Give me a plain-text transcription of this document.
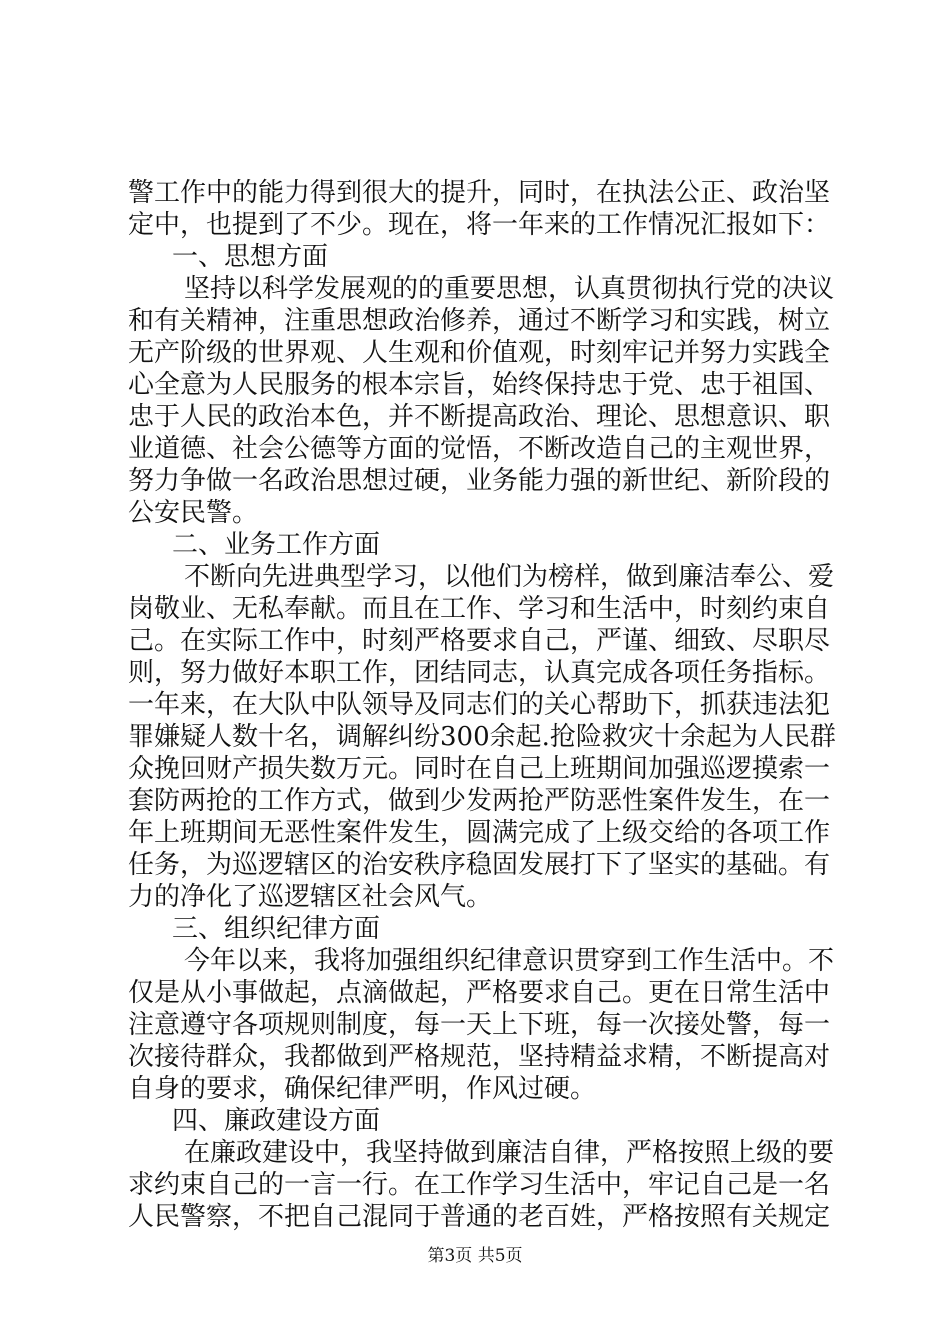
警工作中的能力得到很大的提升，同时，在执法公正、政治坚
定中，也提到了不少。现在，将一年来的工作情况汇报如下：
一、思想方面
坚持以科学发展观的的重要思想，认真贯彻执行党的决议
和有关精神，注重思想政治修养，通过不断学习和实践，树立
无产阶级的世界观、人生观和价值观，时刻牢记并努力实践全
心全意为人民服务的根本宗旨，始终保持忠于党、忠于祖国、
忠于人民的政治本色，并不断提高政治、理论、思想意识、职
业道德、社会公德等方面的觉悟，不断改造自己的主观世界，
努力争做一名政治思想过硬，业务能力强的新世纪、新阶段的
公安民警。
二、业务工作方面
不断向先进典型学习，以他们为榜样，做到廉洁奉公、爱
岗敬业、无私奉献。而且在工作、学习和生活中，时刻约束自
己。在实际工作中，时刻严格要求自己，严谨、细致、尽职尽
则，努力做好本职工作，团结同志，认真完成各项任务指标。
一年来，在大队中队领导及同志们的关心帮助下，抓获违法犯
罪嫌疑人数十名，调解纠纷300余起.抢险救灾十余起为人民群
众挽回财产损失数万元。同时在自己上班期间加强巡逻摸索一
套防两抢的工作方式，做到少发两抢严防恶性案件发生，在一
年上班期间无恶性案件发生，圆满完成了上级交给的各项工作
任务，为巡逻辖区的治安秩序稳固发展打下了坚实的基础。有
力的净化了巡逻辖区社会风气。
三、组织纪律方面
今年以来，我将加强组织纪律意识贯穿到工作生活中。不
仅是从小事做起，点滴做起，严格要求自己。更在日常生活中
注意遵守各项规则制度，每一天上下班，每一次接处警，每一
次接待群众，我都做到严格规范，坚持精益求精，不断提高对
自身的要求，确保纪律严明，作风过硬。
四、廉政建设方面
在廉政建设中，我坚持做到廉洁自律，严格按照上级的要
求约束自己的一言一行。在工作学习生活中，牢记自己是一名
人民警察，不把自己混同于普通的老百姓，严格按照有关规定
第3页 共5页
